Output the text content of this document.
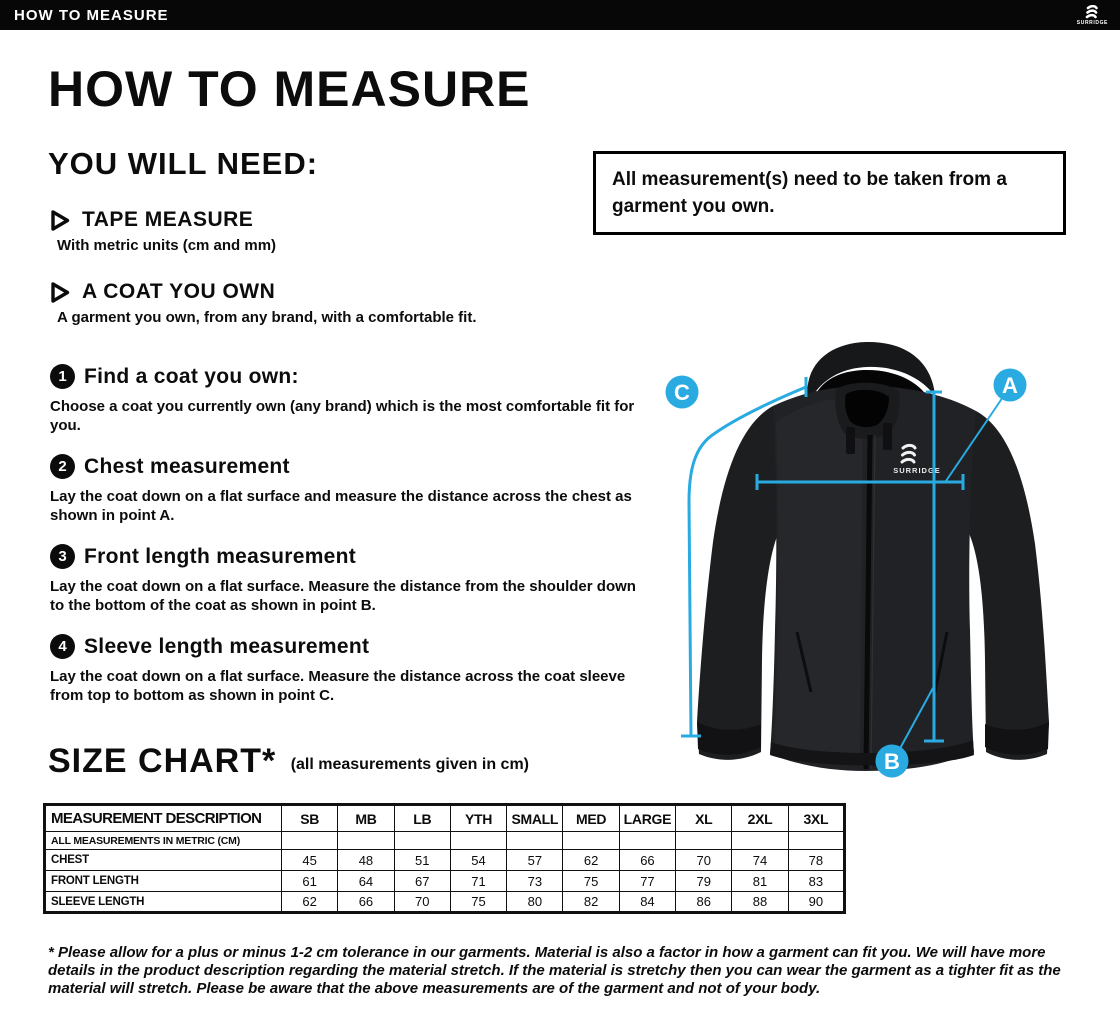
HOW TO MEASURE	SURRIDGE
HOW TO MEASURE
YOU WILL NEED:	All measurement(s) need to be taken from a garment you own.
TAPE MEASURE

With metric units (cm and mm)

A COAT YOU OWN

A garment you own, from any brand, with a comfortable fit.

1 Find a coat you own:

Choose a coat you currently own (any brand) which is the most comfortable fit for you.

2 Chest measurement

Lay the coat down on a flat surface and measure the distance across the chest as shown in point A.

3 Front length measurement

Lay the coat down on a flat surface. Measure the distance from the shoulder down to the bottom of the coat as shown in point B.

4 Sleeve length measurement

Lay the coat down on a flat surface. Measure the distance across the coat sleeve from top to bottom as shown in point C.

SURRIDGE
A
B
C
SIZE CHART* (all measurements given in cm)
MEASUREMENT DESCRIPTION	SB	MB	LB	YTH	SMALL	MED	LARGE	XL	2XL	3XL
ALL MEASUREMENTS IN METRIC (CM)										
CHEST	45	48	51	54	57	62	66	70	74	78
FRONT LENGTH	61	64	67	71	73	75	77	79	81	83
SLEEVE LENGTH	62	66	70	75	80	82	84	86	88	90

* Please allow for a plus or minus 1-2 cm tolerance in our garments. Material is also a factor in how a garment can fit you. We will have more details in the product description regarding the material stretch. If the material is stretchy then you can wear the garment as a tighter fit as the material will stretch. Please be aware that the above measurements are of the garment and not of your body.
